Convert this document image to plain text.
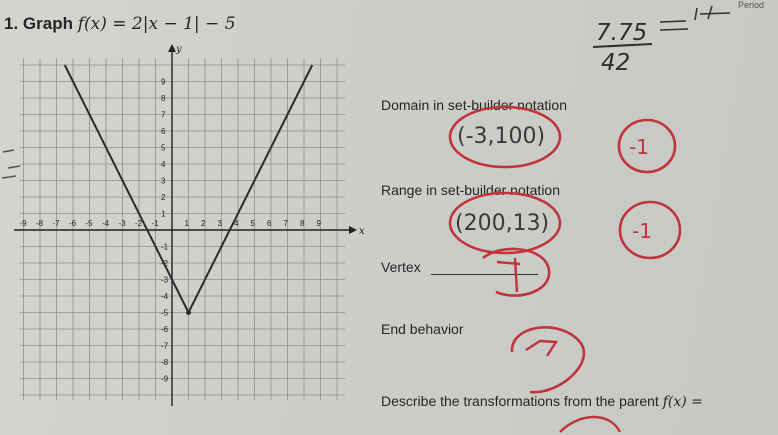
Period
1. Graph f(x) = 2|x − 1| − 5
x
y
-9 -8 -7 -6 -5 -4 -3 -2 -1	1 2 3 4 5 6 7 8 9
9
8
7
6
5
4
3
2
1
-1
-2
-3
-4
-5
-6
-7
-8
-9
Domain in set-builder notation
Range in set-builder notation
Vertex
End behavior
Describe the transformations from the parent f(x) =
7.75
42
(-3,100)
(200,13)
-1
-1
